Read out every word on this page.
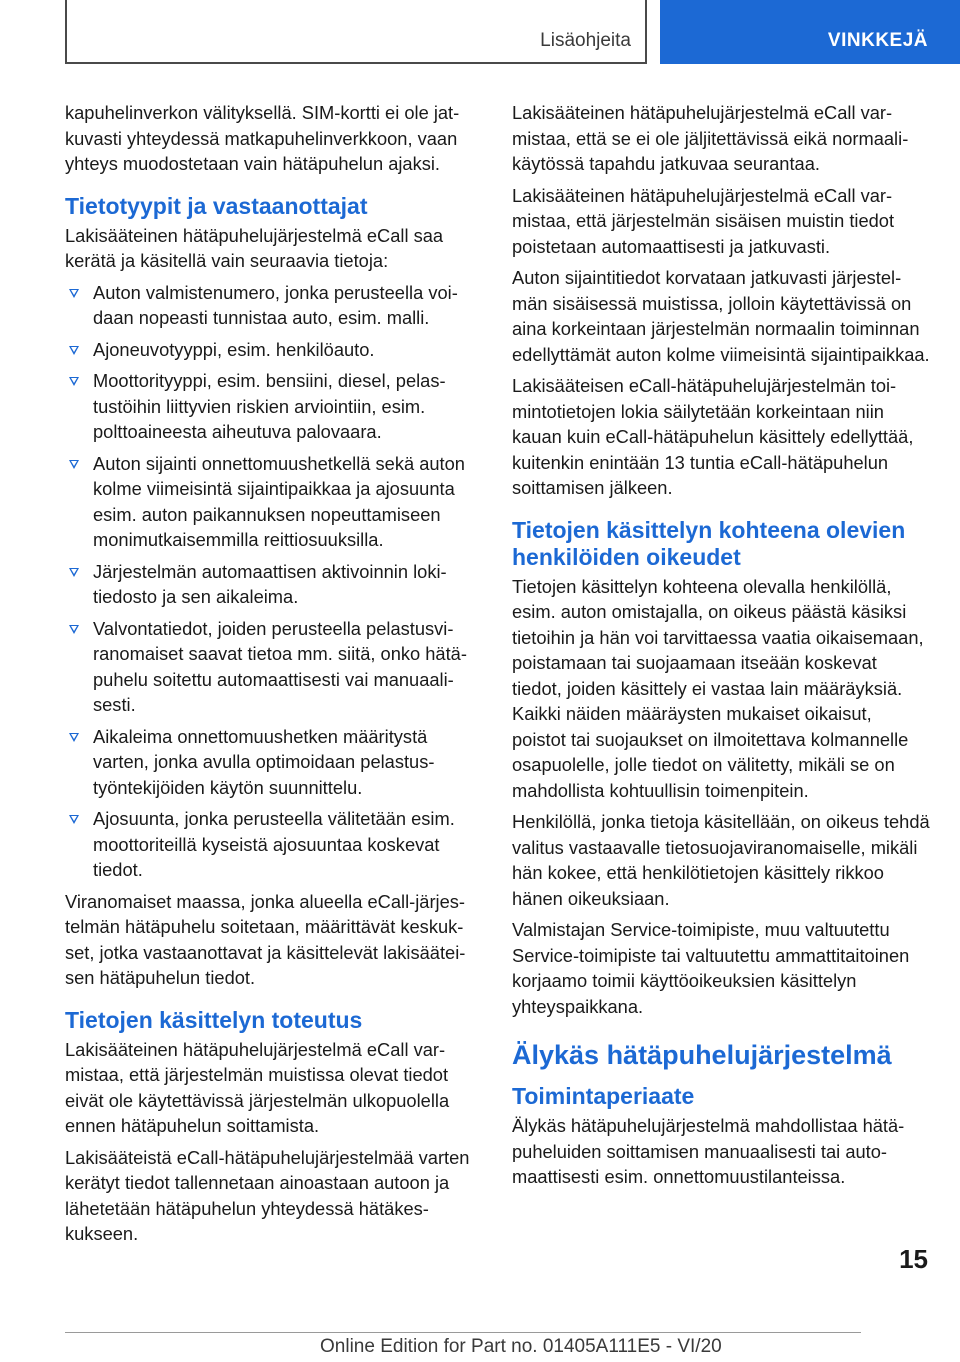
Lisäohjeita	VINKKEJÄ

kapuhelinverkon välityksellä. SIM-kortti ei ole jatkuvasti yhteydessä matkapuhelinverkkoon, vaan yhteys muodostetaan vain hätäpuhelun ajaksi.

Tietotyypit ja vastaanottajat

Lakisääteinen hätäpuhelujärjestelmä eCall saa kerätä ja käsitellä vain seuraavia tietoja:

Auton valmistenumero, jonka perusteella voidaan nopeasti tunnistaa auto, esim. malli.
Ajoneuvotyyppi, esim. henkilöauto.
Moottorityyppi, esim. bensiini, diesel, pelastustöihin liittyvien riskien arviointiin, esim. polttoaineesta aiheutuva palovaara.
Auton sijainti onnettomuushetkellä sekä auton kolme viimeisintä sijaintipaikkaa ja ajosuunta esim. auton paikannuksen nopeuttamiseen monimutkaisemmilla reittiosuuksilla.
Järjestelmän automaattisen aktivoinnin lokitiedosto ja sen aikaleima.
Valvontatiedot, joiden perusteella pelastusviranomaiset saavat tietoa mm. siitä, onko hätäpuhelu soitettu automaattisesti vai manuaalisesti.
Aikaleima onnettomuushetken määritystä varten, jonka avulla optimoidaan pelastustyöntekijöiden käytön suunnittelu.
Ajosuunta, jonka perusteella välitetään esim. moottoriteillä kyseistä ajosuuntaa koskevat tiedot.

Viranomaiset maassa, jonka alueella eCall-järjestelmän hätäpuhelu soitetaan, määrittävät keskukset, jotka vastaanottavat ja käsittelevät lakisääteisen hätäpuhelun tiedot.

Tietojen käsittelyn toteutus

Lakisääteinen hätäpuhelujärjestelmä eCall varmistaa, että järjestelmän muistissa olevat tiedot eivät ole käytettävissä järjestelmän ulkopuolella ennen hätäpuhelun soittamista.

Lakisääteistä eCall-hätäpuhelujärjestelmää varten kerätyt tiedot tallennetaan ainoastaan autoon ja lähetetään hätäpuhelun yhteydessä hätäkeskukseen.

Lakisääteinen hätäpuhelujärjestelmä eCall varmistaa, että se ei ole jäljitettävissä eikä normaalikäytössä tapahdu jatkuvaa seurantaa.

Lakisääteinen hätäpuhelujärjestelmä eCall varmistaa, että järjestelmän sisäisen muistin tiedot poistetaan automaattisesti ja jatkuvasti.

Auton sijaintitiedot korvataan jatkuvasti järjestelmän sisäisessä muistissa, jolloin käytettävissä on aina korkeintaan järjestelmän normaalin toiminnan edellyttämät auton kolme viimeisintä sijaintipaikkaa.

Lakisääteisen eCall-hätäpuhelujärjestelmän toimintotietojen lokia säilytetään korkeintaan niin kauan kuin eCall-hätäpuhelun käsittely edellyttää, kuitenkin enintään 13 tuntia eCall-hätäpuhelun soittamisen jälkeen.

Tietojen käsittelyn kohteena olevien henkilöiden oikeudet

Tietojen käsittelyn kohteena olevalla henkilöllä, esim. auton omistajalla, on oikeus päästä käsiksi tietoihin ja hän voi tarvittaessa vaatia oikaisemaan, poistamaan tai suojaamaan itseään koskevat tiedot, joiden käsittely ei vastaa lain määräyksiä. Kaikki näiden määräysten mukaiset oikaisut, poistot tai suojaukset on ilmoitettava kolmannelle osapuolelle, jolle tiedot on välitetty, mikäli se on mahdollista kohtuullisin toimenpitein.

Henkilöllä, jonka tietoja käsitellään, on oikeus tehdä valitus vastaavalle tietosuojaviranomaiselle, mikäli hän kokee, että henkilötietojen käsittely rikkoo hänen oikeuksiaan.

Valmistajan Service-toimipiste, muu valtuutettu Service-toimipiste tai valtuutettu ammattitaitoinen korjaamo toimii käyttöoikeuksien käsittelyn yhteyspaikkana.

Älykäs hätäpuhelujärjestelmä
Toimintaperiaate

Älykäs hätäpuhelujärjestelmä mahdollistaa hätäpuheluiden soittamisen manuaalisesti tai automaattisesti esim. onnettomuustilanteissa.

15
Online Edition for Part no. 01405A111E5 - VI/20
